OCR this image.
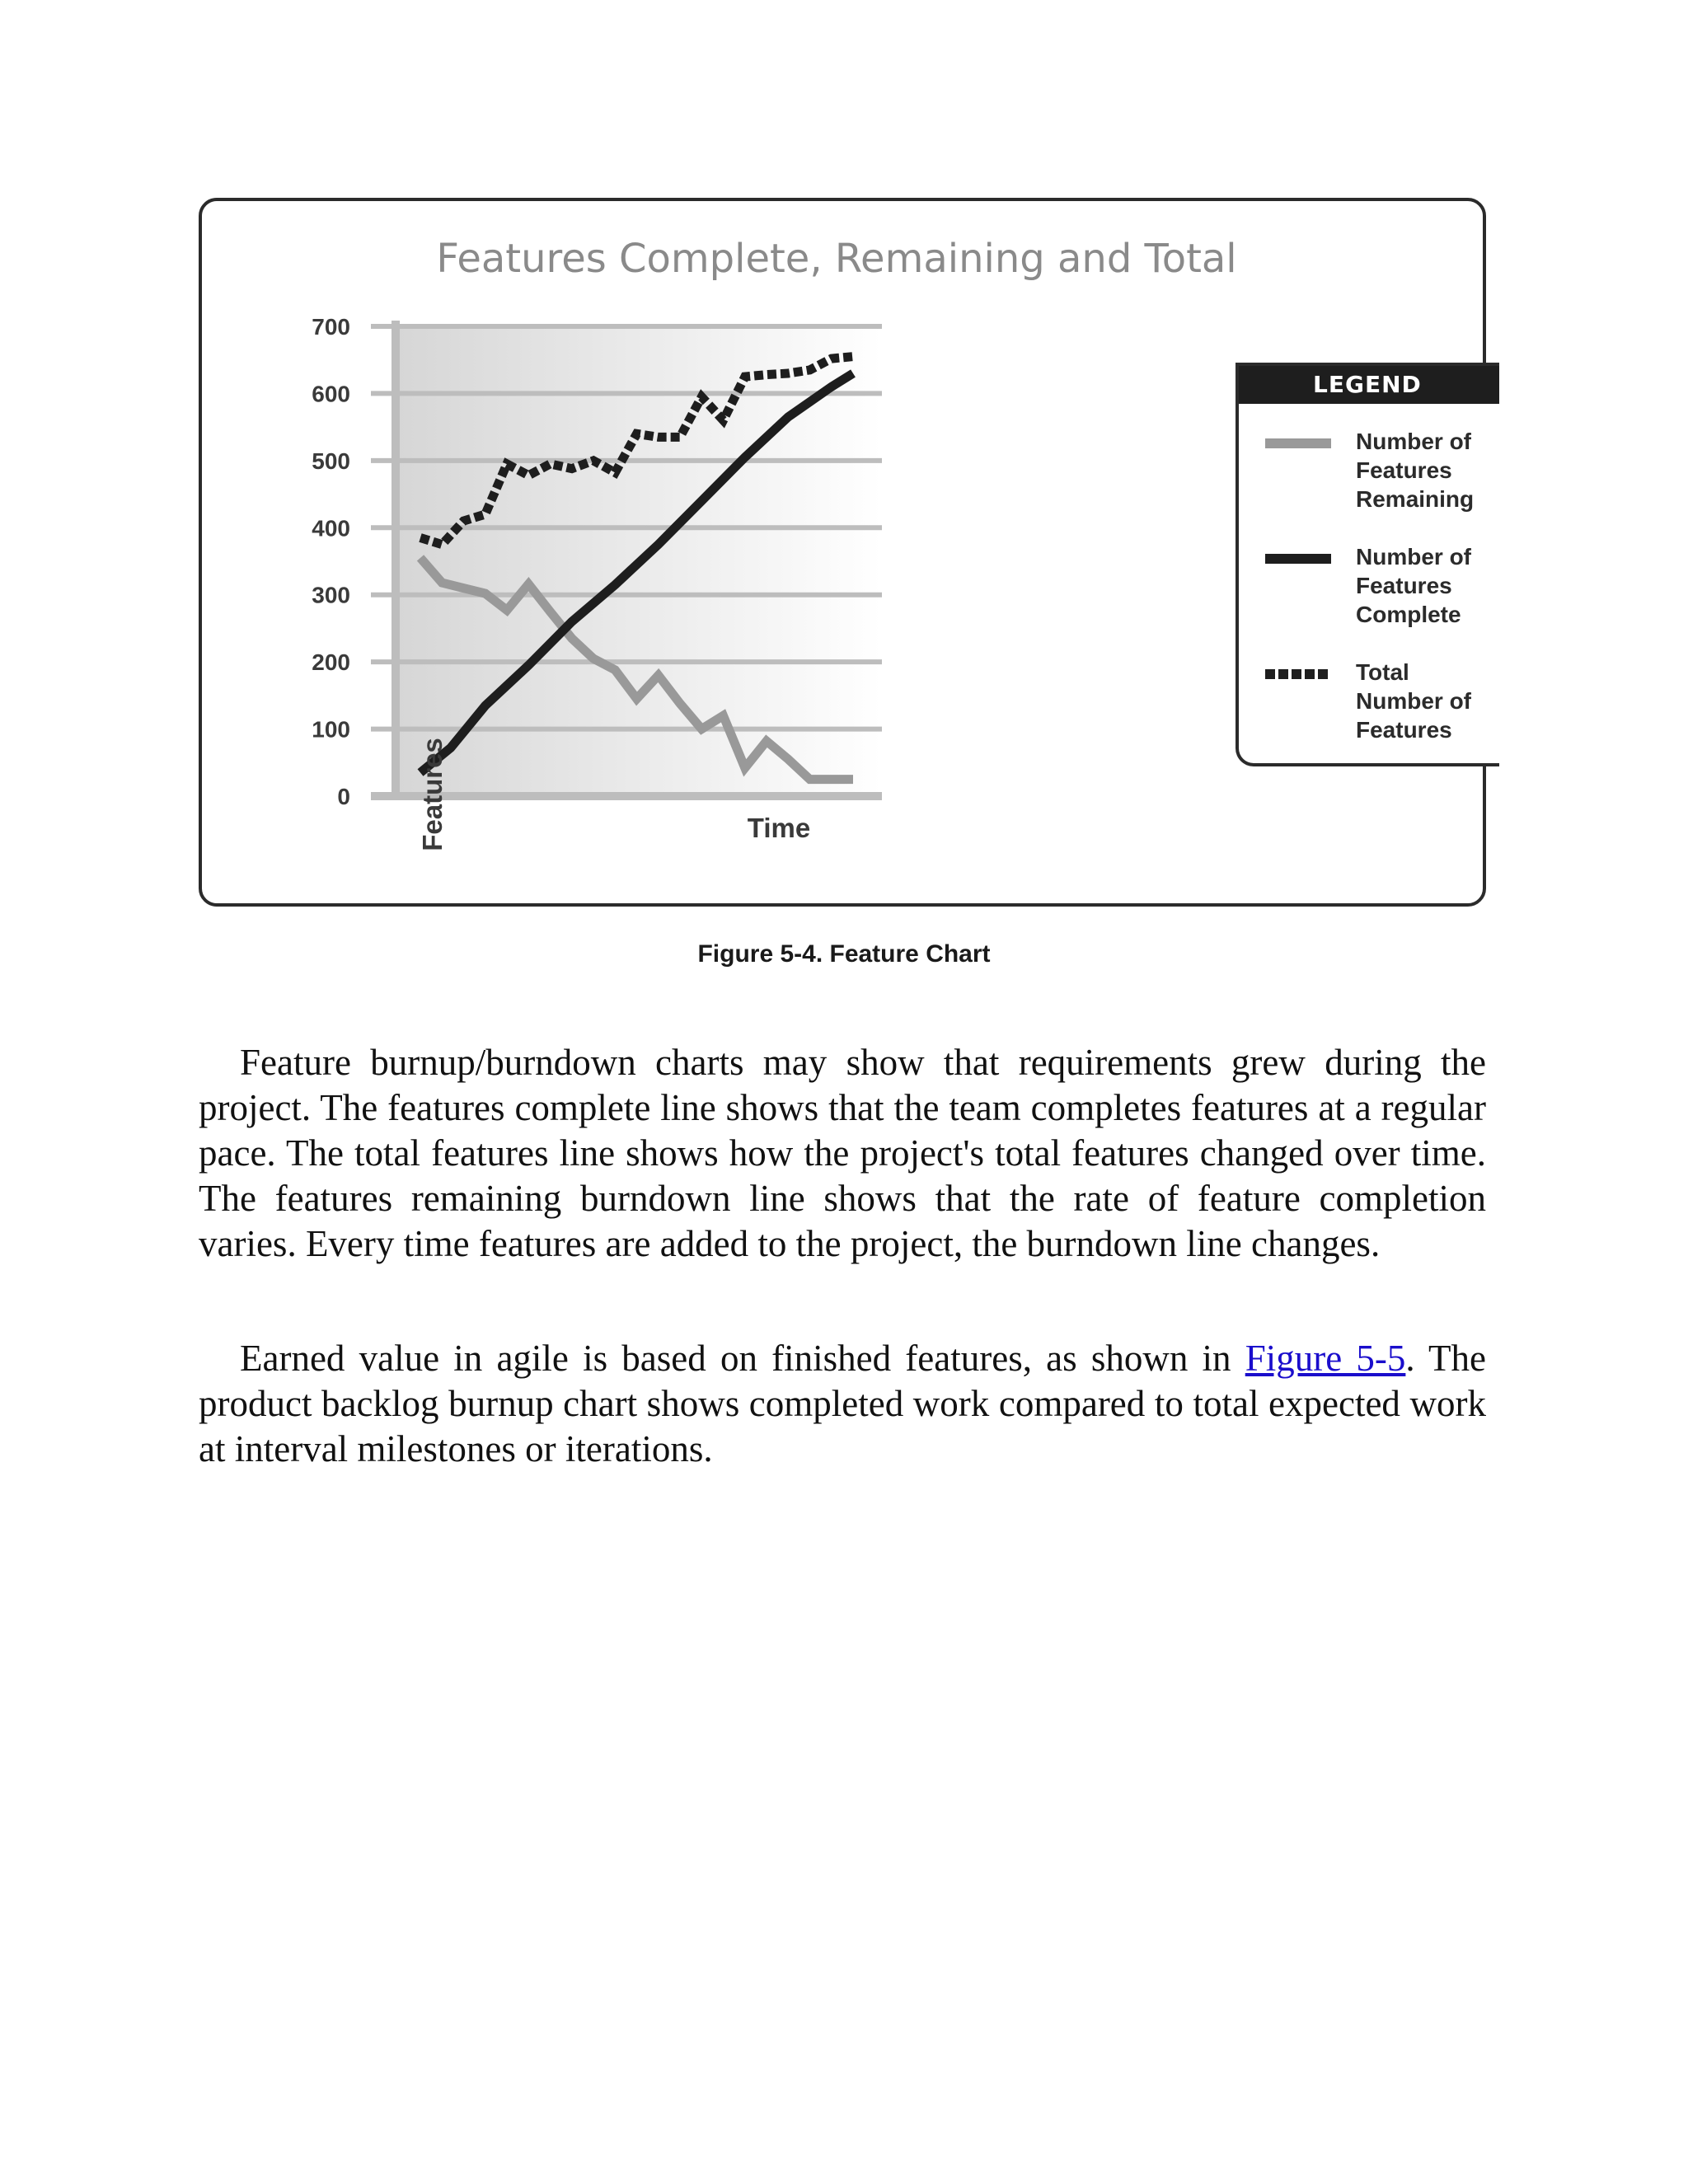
0
100
200
300
400
500
600
700
Features Complete, Remaining and Total
Features	Time
LEGEND
Number of Features Remaining
Number of Features Complete
Total Number of Features
Figure 5-4. Feature Chart

Feature burnup/burndown charts may show that requirements grew during the project. The features complete line shows that the team completes features at a regular pace. The total features line shows how the project's total features changed over time. The features remaining burndown line shows that the rate of feature completion varies. Every time features are added to the project, the burndown line changes.

Earned value in agile is based on finished features, as shown in Figure 5-5. The product backlog burnup chart shows completed work compared to total expected work at interval milestones or iterations.
